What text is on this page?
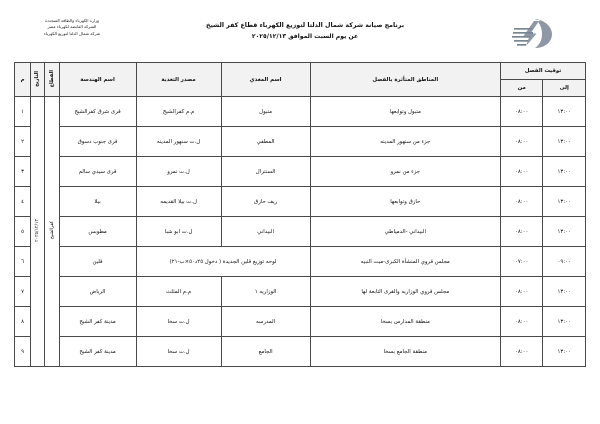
وزارة الكهرباء والطاقة المتجددة
الشركة القابضة لكهرباء مصر
شركة شمال الدلتا لتوزيع الكهرباء
برنامج صيانة شركة شمال الدلتا لتوزيع الكهرباء قطاع كفر الشيخ
عن يوم السبت الموافق ٢٠٢٥/١٢/١٣
توقيت الفصل		المناطق المتأثرة بالفصل	اسم المغذي	مصدر التغذية	اسم الهندسة	القطاع	التاريخ	م
إلى	من							
١٣:٠٠	٠٨:٠٠	متبول وتوابعها	متبول	م.م كفرالشيخ	قرى شرق كفرالشيخ	كفرالشيخ	٢٠٢٥/١٢/١٣	١
١٣:٠٠	٠٨:٠٠	جزء من سنهور المدينه	المطفي	ل.ت سنهور المدينه	قرى جنوب دسوق			٢
١٣:٠٠	٠٨:٠٠	جزء من نمرو	السنترال	ل.ت نمرو	قرى سيدي سالم			٣
١٣:٠٠	٠٨:٠٠	حازق وتوابعها	ريف حازق	ل.ت بيلا القديمه	بيلا			٤
١٣:٠٠	٠٨:٠٠	البيداني -الدمياطي	البيداني	ل.ت ابو شبا	مطوبس			٥
٠٩:٠٠	٠٧:٠٠	مجلس قروي المنشأة الكبرى-ميت النبيه	لوحه توزيع قلين الجديدة ( دخول ٢٥د٥٠×ب-٢١)		قلين			٦
١٣:٠٠	٠٨:٠٠	مجلس قروي الوزاريه والقرى التابعة لها	الوزاريه ١	م.م المثلث	الرياض			٧
١٣:٠٠	٠٨:٠٠	منطقة المدارس بسخا	المدرسه	ل.ت سخا	مدينة كفر الشيخ			٨
١٣:٠٠	٠٨:٠٠	منطقة الجامع بسخا	الجامع	ل.ت سخا	مدينة كفر الشيخ			٩
